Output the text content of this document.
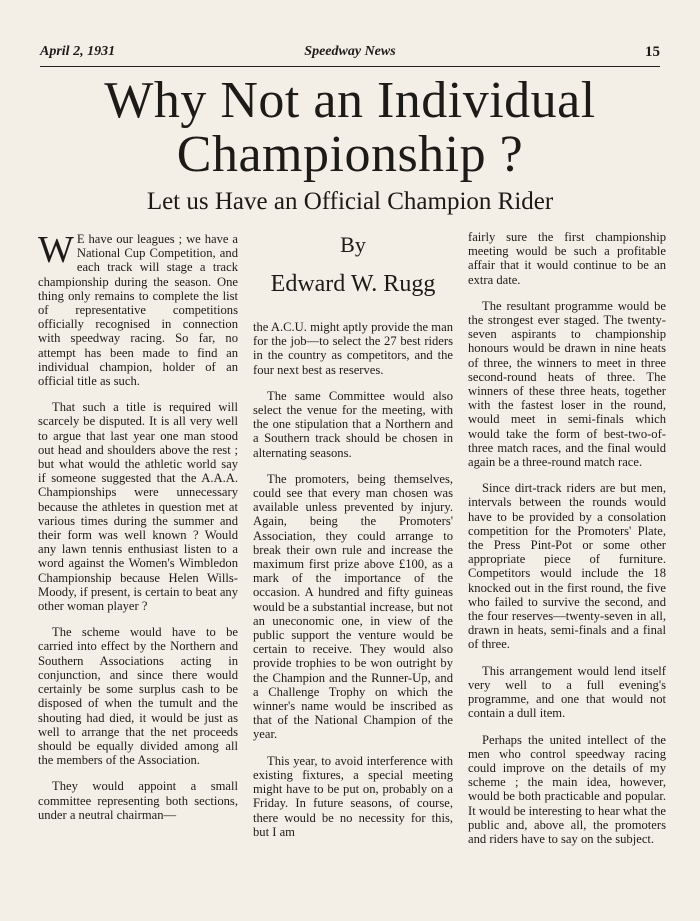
April 2, 1931	Speedway News	15
Why Not an Individual Championship ?
Let us Have an Official Champion Rider

W E have our leagues ; we have a National Cup Competition, and each track will stage a track championship during the season. One thing only remains to complete the list of representative competitions officially recognised in connection with speedway racing. So far, no attempt has been made to find an individual champion, holder of an official title as such.

That such a title is required will scarcely be disputed. It is all very well to argue that last year one man stood out head and shoulders above the rest ; but what would the athletic world say if someone suggested that the A.A.A. Championships were unnecessary because the athletes in question met at various times during the summer and their form was well known ? Would any lawn tennis enthusiast listen to a word against the Women's Wimbledon Championship because Helen Wills-Moody, if present, is certain to beat any other woman player ?

The scheme would have to be carried into effect by the Northern and Southern Associations acting in conjunction, and since there would certainly be some surplus cash to be disposed of when the tumult and the shouting had died, it would be just as well to arrange that the net proceeds should be equally divided among all the members of the Association.

They would appoint a small committee representing both sections, under a neutral chairman—

By
Edward W. Rugg

the A.C.U. might aptly provide the man for the job—to select the 27 best riders in the country as competitors, and the four next best as reserves.

The same Committee would also select the venue for the meeting, with the one stipulation that a Northern and a Southern track should be chosen in alternating seasons.

The promoters, being themselves, could see that every man chosen was available unless prevented by injury. Again, being the Promoters' Association, they could arrange to break their own rule and increase the maximum first prize above £100, as a mark of the importance of the occasion. A hundred and fifty guineas would be a substantial increase, but not an uneconomic one, in view of the public support the venture would be certain to receive. They would also provide trophies to be won outright by the Champion and the Runner-Up, and a Challenge Trophy on which the winner's name would be inscribed as that of the National Champion of the year.

This year, to avoid interference with existing fixtures, a special meeting might have to be put on, probably on a Friday. In future seasons, of course, there would be no necessity for this, but I am

fairly sure the first championship meeting would be such a profitable affair that it would continue to be an extra date.

The resultant programme would be the strongest ever staged. The twenty-seven aspirants to championship honours would be drawn in nine heats of three, the winners to meet in three second-round heats of three. The winners of these three heats, together with the fastest loser in the round, would meet in semi-finals which would take the form of best-two-of-three match races, and the final would again be a three-round match race.

Since dirt-track riders are but men, intervals between the rounds would have to be provided by a consolation competition for the Promoters' Plate, the Press Pint-Pot or some other appropriate piece of furniture. Competitors would include the 18 knocked out in the first round, the five who failed to survive the second, and the four reserves—twenty-seven in all, drawn in heats, semi-finals and a final of three.

This arrangement would lend itself very well to a full evening's programme, and one that would not contain a dull item.

Perhaps the united intellect of the men who control speedway racing could improve on the details of my scheme ; the main idea, however, would be both practicable and popular. It would be interesting to hear what the public and, above all, the promoters and riders have to say on the subject.
